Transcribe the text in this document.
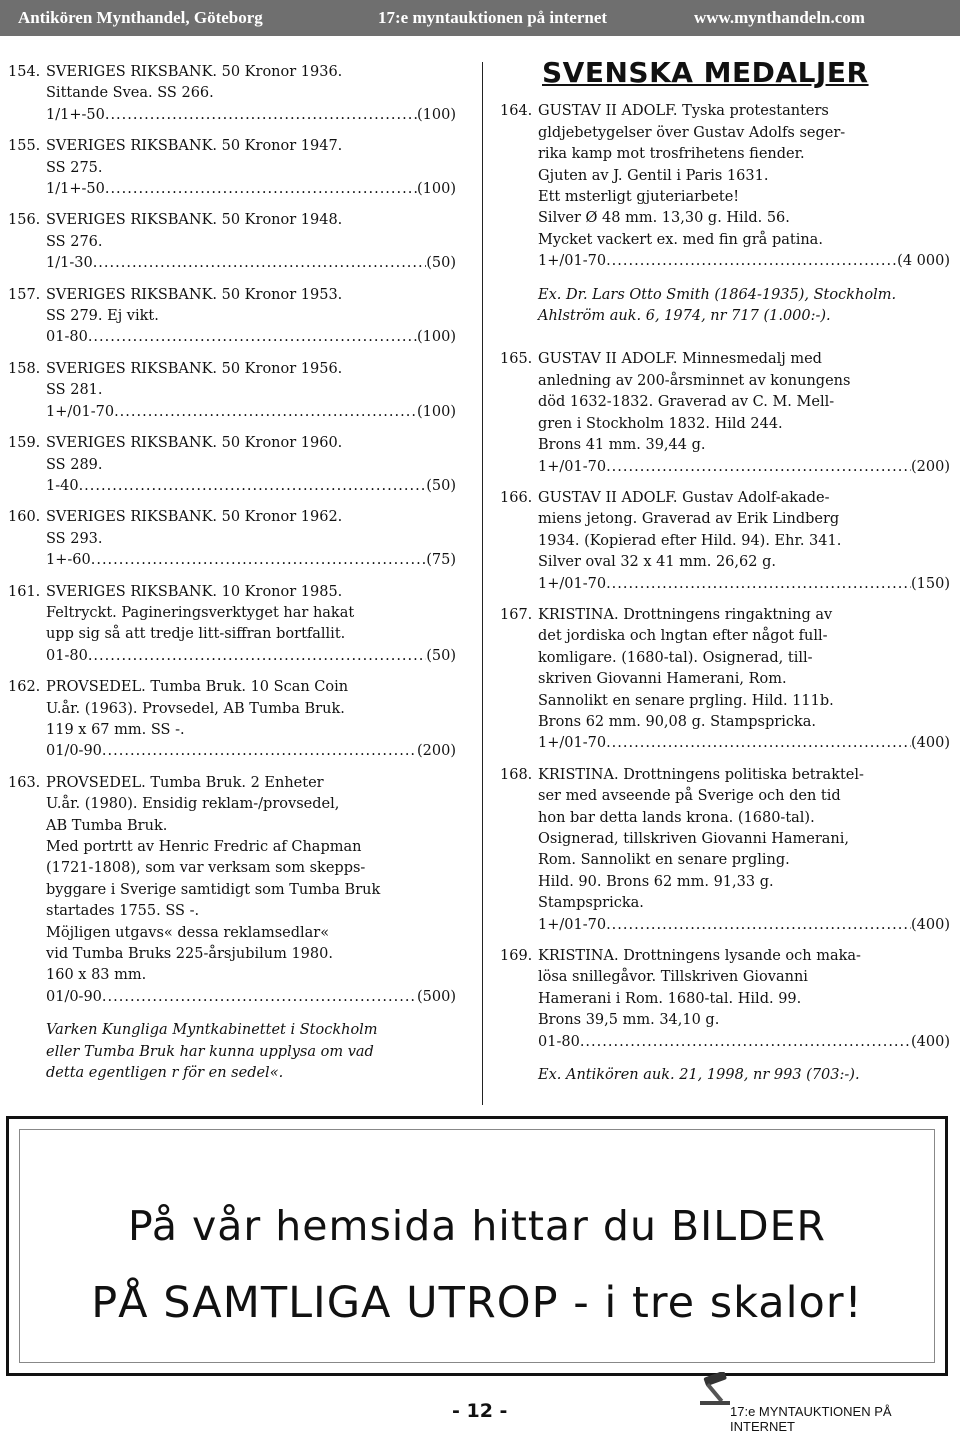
Antikören Mynthandel, Göteborg	17:e myntauktionen på internet	www.mynthandeln.com
154. SVERIGES RIKSBANK. 50 Kronor 1936.
Sittande Svea. SS 266.
1/1+-50 .....	(100)
155. SVERIGES RIKSBANK. 50 Kronor 1947.
SS 275.
1/1+-50 .....	(100)
156. SVERIGES RIKSBANK. 50 Kronor 1948.
SS 276.
1/1-30 .....	(50)
157. SVERIGES RIKSBANK. 50 Kronor 1953.
SS 279. Ej vikt.
01-80 .....	(100)
158. SVERIGES RIKSBANK. 50 Kronor 1956.
SS 281.
1+/01-70 .....	(100)
159. SVERIGES RIKSBANK. 50 Kronor 1960.
SS 289.
1-40 .....	(50)
160. SVERIGES RIKSBANK. 50 Kronor 1962.
SS 293.
1+-60 .....	(75)
161. SVERIGES RIKSBANK. 10 Kronor 1985.
Feltryckt. Pagineringsverktyget har hakat
upp sig så att tredje litt-siffran bortfallit.
01-80 .....	(50)
162. PROVSEDEL. Tumba Bruk. 10 Scan Coin
U.år. (1963). Provsedel, AB Tumba Bruk.
119 x 67 mm. SS -.
01/0-90 .....	(200)
163. PROVSEDEL. Tumba Bruk. 2 Enheter
U.år. (1980). Ensidig reklam-/provsedel,
AB Tumba Bruk.
Med portrtt av Henric Fredric af Chapman
(1721-1808), som var verksam som skepps-
byggare i Sverige samtidigt som Tumba Bruk
startades 1755. SS -.
Möjligen utgavs« dessa reklamsedlar«
vid Tumba Bruks 225-årsjubilum 1980.
160 x 83 mm.
01/0-90 .....	(500)
Varken Kungliga Myntkabinettet i Stockholm
eller Tumba Bruk har kunna upplysa om vad
detta egentligen r för en sedel«.
SVENSKA MEDALJER
164. GUSTAV II ADOLF. Tyska protestanters
gldjebetygelser över Gustav Adolfs seger-
rika kamp mot trosfrihetens fiender.
Gjuten av J. Gentil i Paris 1631.
Ett msterligt gjuteriarbete!
Silver Ø 48 mm. 13,30 g. Hild. 56.
Mycket vackert ex. med fin grå patina.
1+/01-70 .....	(4 000)
Ex. Dr. Lars Otto Smith (1864-1935), Stockholm.
Ahlström auk. 6, 1974, nr 717 (1.000:-).
165. GUSTAV II ADOLF. Minnesmedalj med
anledning av 200-årsminnet av konungens
död 1632-1832. Graverad av C. M. Mell-
gren i Stockholm 1832. Hild 244.
Brons 41 mm. 39,44 g.
1+/01-70 .....	(200)
166. GUSTAV II ADOLF. Gustav Adolf-akade-
miens jetong. Graverad av Erik Lindberg
1934. (Kopierad efter Hild. 94). Ehr. 341.
Silver oval 32 x 41 mm. 26,62 g.
1+/01-70 .....	(150)
167. KRISTINA. Drottningens ringaktning av
det jordiska och lngtan efter något full-
komligare. (1680-tal). Osignerad, till-
skriven Giovanni Hamerani, Rom.
Sannolikt en senare prgling. Hild. 111b.
Brons 62 mm. 90,08 g. Stampspricka.
1+/01-70 .....	(400)
168. KRISTINA. Drottningens politiska betraktel-
ser med avseende på Sverige och den tid
hon bar detta lands krona. (1680-tal).
Osignerad, tillskriven Giovanni Hamerani,
Rom. Sannolikt en senare prgling.
Hild. 90. Brons 62 mm. 91,33 g.
Stampspricka.
1+/01-70 .....	(400)
169. KRISTINA. Drottningens lysande och maka-
lösa snillegåvor. Tillskriven Giovanni
Hamerani i Rom. 1680-tal. Hild. 99.
Brons 39,5 mm. 34,10 g.
01-80 .....	(400)
Ex. Antikören auk. 21, 1998, nr 993 (703:-).
På vår hemsida hittar du BILDER
PÅ SAMTLIGA UTROP - i tre skalor!
- 12 -	17:e MYNTAUKTIONEN PÅ INTERNET
